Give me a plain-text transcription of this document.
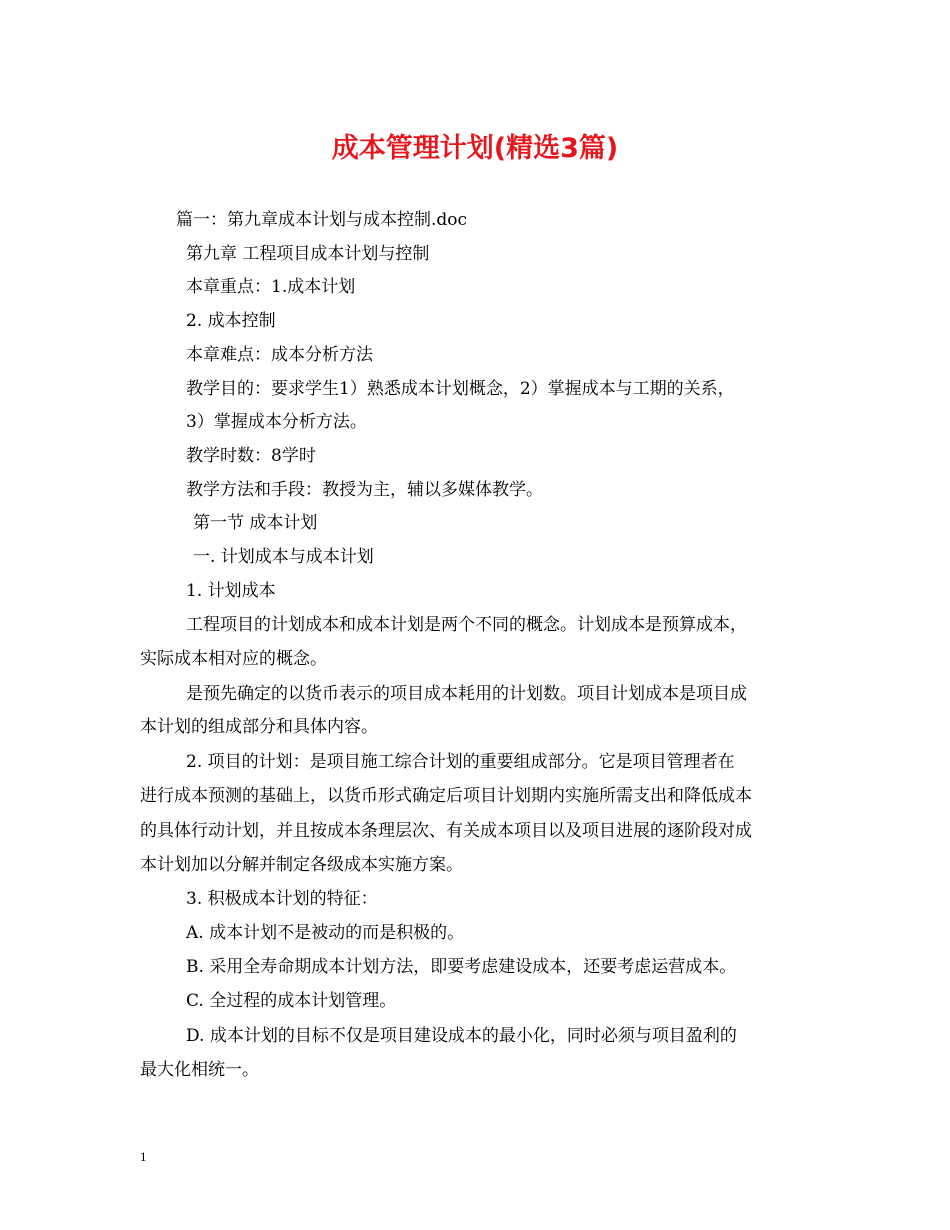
成本管理计划(精选3篇)
篇一：第九章成本计划与成本控制.doc
第九章 工程项目成本计划与控制
本章重点：1.成本计划
2. 成本控制
本章难点：成本分析方法
教学目的：要求学生1）熟悉成本计划概念，2）掌握成本与工期的关系，
3）掌握成本分析方法。
教学时数：8学时
教学方法和手段：教授为主，辅以多媒体教学。
第一节 成本计划
一. 计划成本与成本计划
1. 计划成本
工程项目的计划成本和成本计划是两个不同的概念。计划成本是预算成本，
实际成本相对应的概念。
是预先确定的以货币表示的项目成本耗用的计划数。项目计划成本是项目成
本计划的组成部分和具体内容。
2. 项目的计划：是项目施工综合计划的重要组成部分。它是项目管理者在
进行成本预测的基础上，以货币形式确定后项目计划期内实施所需支出和降低成本
的具体行动计划，并且按成本条理层次、有关成本项目以及项目进展的逐阶段对成
本计划加以分解并制定各级成本实施方案。
3. 积极成本计划的特征：
A. 成本计划不是被动的而是积极的。
B. 采用全寿命期成本计划方法，即要考虑建设成本，还要考虑运营成本。
C. 全过程的成本计划管理。
D. 成本计划的目标不仅是项目建设成本的最小化，同时必须与项目盈利的
最大化相统一。
1
